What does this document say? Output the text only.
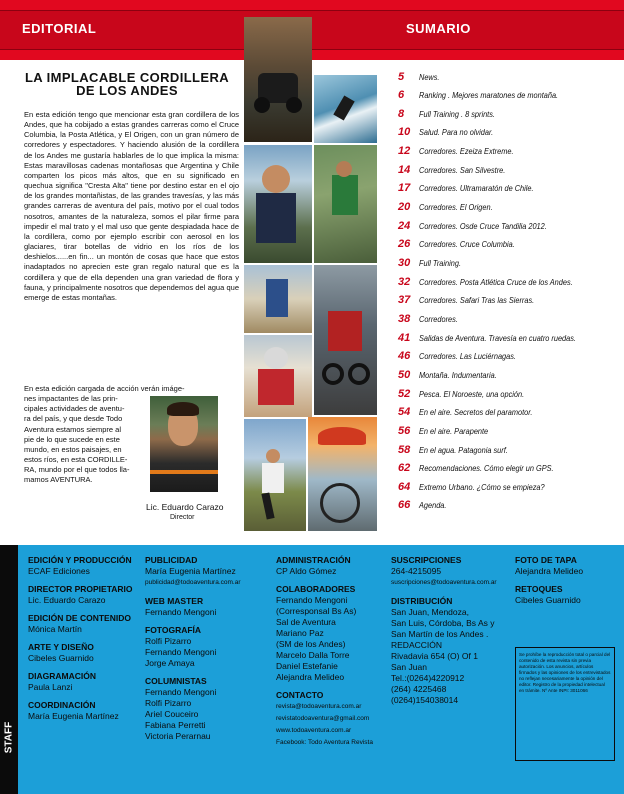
EDITORIAL	SUMARIO
LA IMPLACABLE CORDILLERA
DE LOS ANDES
En esta edición tengo que mencionar esta gran cordillera de los Andes, que ha cobijado a estas grandes carreras como el Cruce Columbia, la Posta Atlética, y El Origen, con un gran número de corredores y espectadores. Y haciendo alusión de la cordillera de los Andes me gustaría hablarles de lo que implica la misma: Estas maravillosas cadenas montañosas que Argentina y Chile comparten los picos más altos, que en su significado en quechua significa "Cresta Alta" tiene por destino estar en el ojo de los grandes montañistas, de las grandes travesías, y las más grandes carreras de aventura del país, motivo por el cual todos nosotros, amantes de la naturaleza, somos el pilar firme para impedir el mal trato y el mal uso que gente despiadada hace de la cordillera, como por ejemplo escribir con aerosol en los glaciares, tirar botellas de vidrio en los ríos de los deshielos......en fin... un montón de cosas que hace que estos inadaptados no aprecien este gran regalo natural que es la cordillera y que de ella dependen una gran variedad de flora y fauna, y principalmente nosotros que dependemos del agua que emerge de estas montañas.
En esta edición cargada de acción verán imáge-
nes impactantes de las prin-
cipales actividades de aventu-
ra del país, y que desde Todo
Aventura estamos siempre al
pie de lo que sucede en este
mundo, en estos paisajes, en
estos ríos, en esta CORDILLE-
RA, mundo por el que todos lla-
mamos AVENTURA.
Lic. Eduardo Carazo
Director
5	News.
6	Ranking . Mejores maratones de montaña.
8	Full Training . 8 sprints.
10	Salud. Para no olvidar.
12	Corredores. Ezeiza Extreme.
14	Corredores. San Silvestre.
17	Corredores. Ultramaratón de Chile.
20	Corredores. El Origen.
24	Corredores. Osde Cruce Tandilia 2012.
26	Corredores. Cruce Columbia.
30	Full Training.
32	Corredores. Posta Atlética Cruce de los Andes.
37	Corredores. Safari Tras las Sierras.
38	Corredores.
41	Salidas de Aventura. Travesía en cuatro ruedas.
46	Corredores. Las Luciérnagas.
50	Montaña. Indumentaria.
52	Pesca. El Noroeste, una opción.
54	En el aire. Secretos del paramotor.
56	En el aire. Parapente
58	En el agua. Patagonia surf.
62	Recomendaciones. Cómo elegir un GPS.
64	Extremo Urbano. ¿Cómo se empieza?
66	Agenda.
STAFF
EDICIÓN Y PRODUCCIÓN
ECAF Ediciones
DIRECTOR PROPIETARIO
Lic. Eduardo Carazo
EDICIÓN DE CONTENIDO
Mónica Martín
ARTE Y DISEÑO
Cibeles Guarnido
DIAGRAMACIÓN
Paula Lanzi
COORDINACIÓN
María Eugenia Martínez
PUBLICIDAD
María Eugenia Martínez
publicidad@todoaventura.com.ar
WEB MASTER
Fernando Mengoni
FOTOGRAFÍA
Rolfi Pizarro
Fernando Mengoni
Jorge Amaya
COLUMNISTAS
Fernando Mengoni
Rolfi Pizarro
Ariel Couceiro
Fabiana Perretti
Victoria Perarnau
ADMINISTRACIÓN
CP Aldo Gómez
COLABORADORES
Fernando Mengoni
(Corresponsal Bs As)
Sal de Aventura
Mariano Paz
(SM de los Andes)
Marcelo Dalla Torre
Daniel Estefanie
Alejandra Melideo
CONTACTO
revista@todoaventura.com.ar
revistatodoaventura@gmail.com
www.todoaventura.com.ar
Facebook: Todo Aventura Revista
SUSCRIPCIONES
264-4215095
suscripciones@todoaventura.com.ar
DISTRIBUCIÓN
San Juan, Mendoza,
San Luis, Córdoba, Bs As y
San Martín de los Andes .
REDACCIÓN
Rivadavia 654 (O) Of 1
San Juan
Tel.:(0264)4220912
(264) 4225468
(0264)154038014
FOTO DE TAPA
Alejandra Melideo
RETOQUES
Cibeles Guarnido
Se prohíbe la reproducción total o parcial del contenido de esta revista sin previa autorización. Los anuncios, artículos firmados y las opiniones de los entrevistados no reflejan necesariamente la opinión del editor. Registro de la propiedad intelectual en trámite. Nº Ante INPI: 3011066
